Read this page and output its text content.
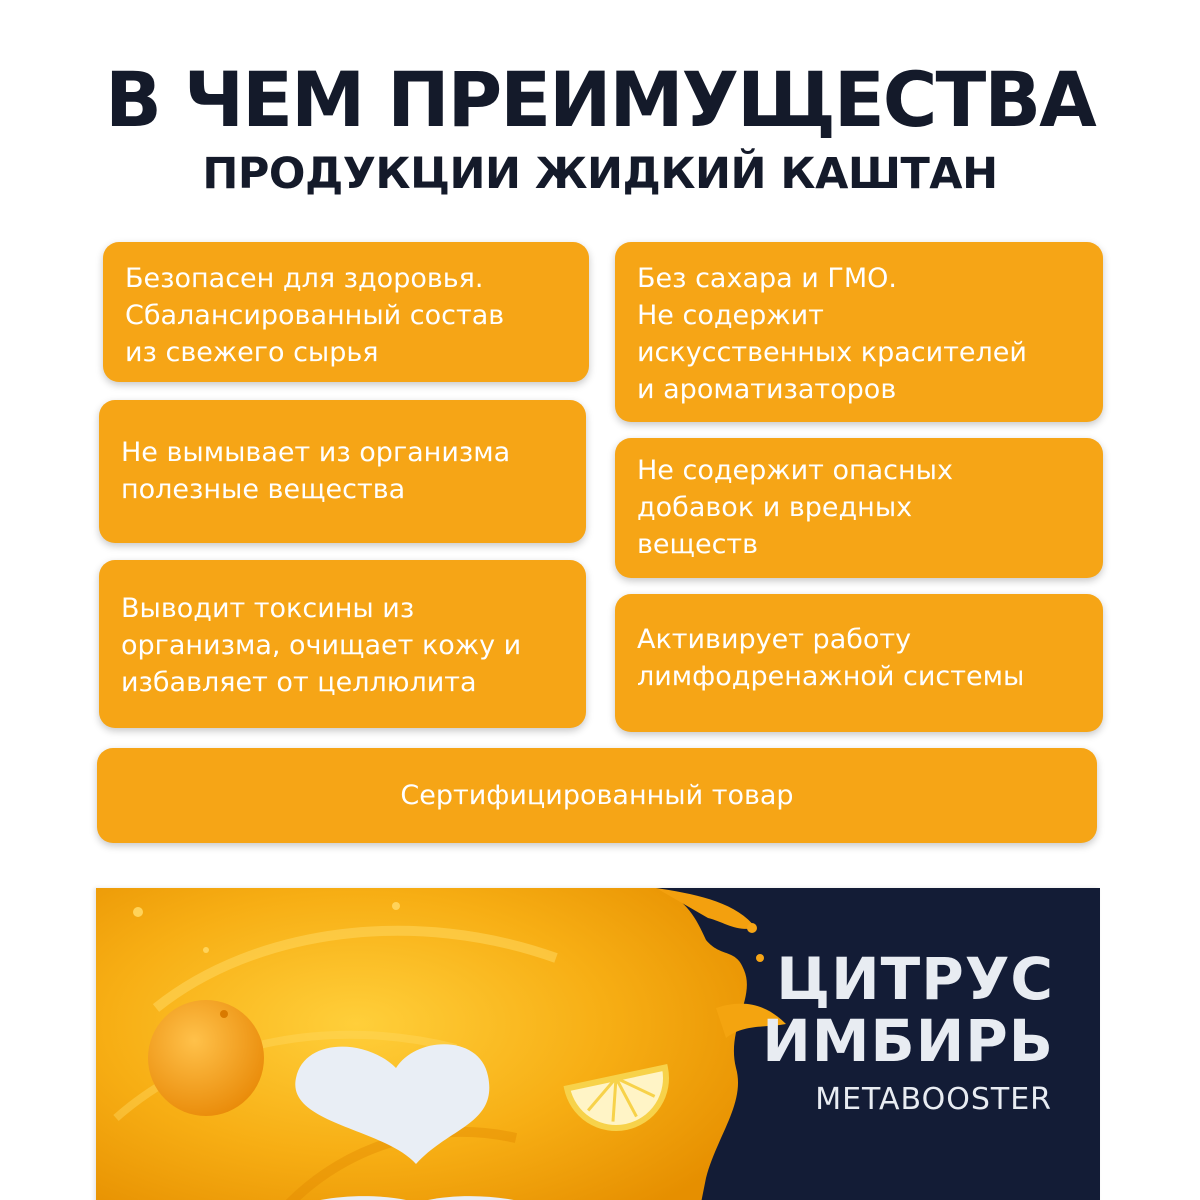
В ЧЕМ ПРЕИМУЩЕСТВА
ПРОДУКЦИИ ЖИДКИЙ КАШТАН
Безопасен для здоровья.
Сбалансированный состав
из свежего сырья
Не вымывает из организма
полезные вещества
Выводит токсины из
организма, очищает кожу и
избавляет от целлюлита
Без сахара и ГМО.
Не содержит
искусственных красителей
и ароматизаторов
Не содержит опасных
добавок и вредных
веществ
Активирует работу
лимфодренажной системы
Сертифицированный товар
ЦИТРУС
ИМБИРЬ
METABOOSTER
